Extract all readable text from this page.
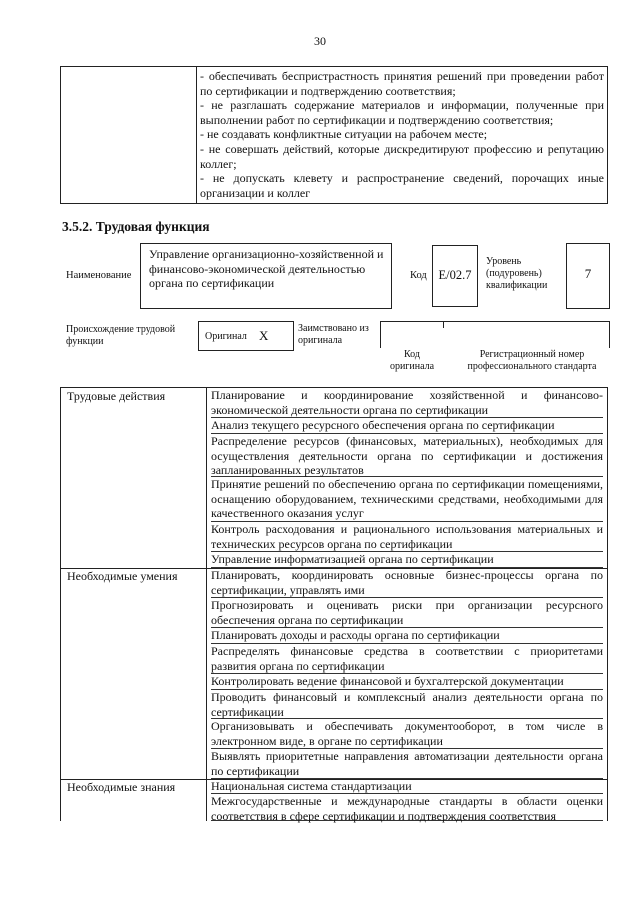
30

- обеспечивать беспристрастность принятия решений при проведении работ по сертификации и подтверждению соответствия;

- не разглашать содержание материалов и информации, полученные при выполнении работ по сертификации и подтверждению соответствия;

- не создавать конфликтные ситуации на рабочем месте;

- не совершать действий, которые дискредитируют профессию и репутацию коллег;

- не допускать клевету и распространение сведений, порочащих иные организации и коллег

3.5.2. Трудовая функция
Наименование
Управление организационно-хозяйственной и финансово-экономической деятельностью органа по сертификации
Код E/02.7
Уровень (подуровень) квалификации
7
Происхождение трудовой функции	Оригинал X	Заимствовано из оригинала
Код оригинала
Регистрационный номер профессионального стандарта
Трудовые действия	Планирование и координирование хозяйственной и финансово-экономической деятельности органа по сертификации
Анализ текущего ресурсного обеспечения органа по сертификации
Распределение ресурсов (финансовых, материальных), необходимых для осуществления деятельности органа по сертификации и достижения запланированных результатов
Принятие решений по обеспечению органа по сертификации помещениями, оснащению оборудованием, техническими средствами, необходимыми для качественного оказания услуг
Контроль расходования и рационального использования материальных и технических ресурсов органа по сертификации
Управление информатизацией органа по сертификации
Необходимые умения	Планировать, координировать основные бизнес-процессы органа по сертификации, управлять ими
Прогнозировать и оценивать риски при организации ресурсного обеспечения органа по сертификации
Планировать доходы и расходы органа по сертификации
Распределять финансовые средства в соответствии с приоритетами развития органа по сертификации
Контролировать ведение финансовой и бухгалтерской документации
Проводить финансовый и комплексный анализ деятельности органа по сертификации
Организовывать и обеспечивать документооборот, в том числе в электронном виде, в органе по сертификации
Выявлять приоритетные направления автоматизации деятельности органа по сертификации
Необходимые знания	Национальная система стандартизации
Межгосударственные и международные стандарты в области оценки соответствия в сфере сертификации и подтверждения соответствия
